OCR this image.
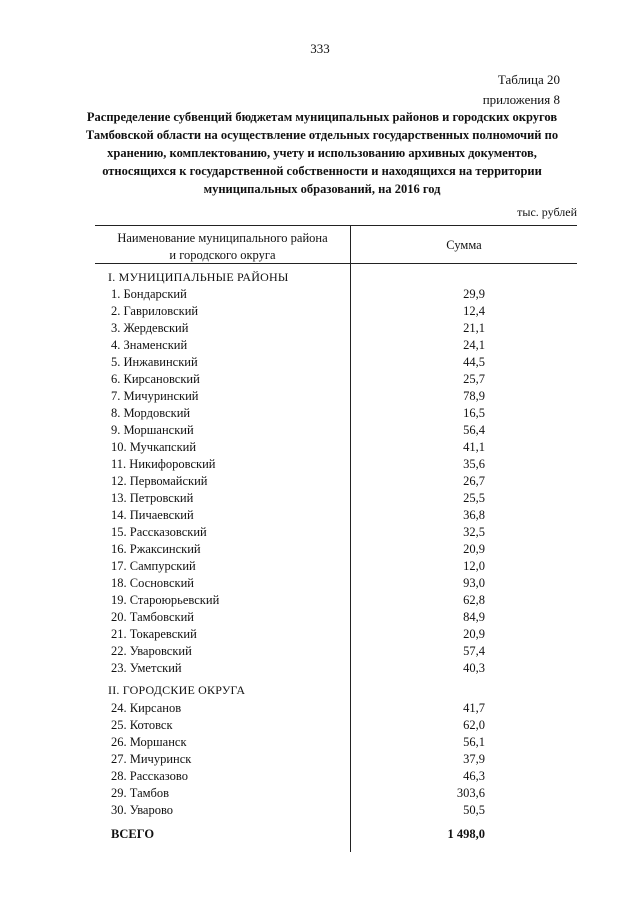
333
Таблица 20
приложения 8
Распределение субвенций бюджетам муниципальных районов и городских округов Тамбовской области на осуществление отдельных государственных полномочий по хранению, комплектованию, учету и использованию архивных документов, относящихся к государственной собственности и находящихся на территории муниципальных образований, на 2016 год
тыс. рублей
Наименование муниципального района
и городского округа
Сумма
I. МУНИЦИПАЛЬНЫЕ РАЙОНЫ
1. Бондарский	29,9
2. Гавриловский	12,4
3. Жердевский	21,1
4. Знаменский	24,1
5. Инжавинский	44,5
6. Кирсановский	25,7
7. Мичуринский	78,9
8. Мордовский	16,5
9. Моршанский	56,4
10. Мучкапский	41,1
11. Никифоровский	35,6
12. Первомайский	26,7
13. Петровский	25,5
14. Пичаевский	36,8
15. Рассказовский	32,5
16. Ржаксинский	20,9
17. Сампурский	12,0
18. Сосновский	93,0
19. Староюрьевский	62,8
20. Тамбовский	84,9
21. Токаревский	20,9
22. Уваровский	57,4
23. Уметский	40,3
II. ГОРОДСКИЕ ОКРУГА
24. Кирсанов	41,7
25. Котовск	62,0
26. Моршанск	56,1
27. Мичуринск	37,9
28. Рассказово	46,3
29. Тамбов	303,6
30. Уварово	50,5
ВСЕГО	1 498,0
